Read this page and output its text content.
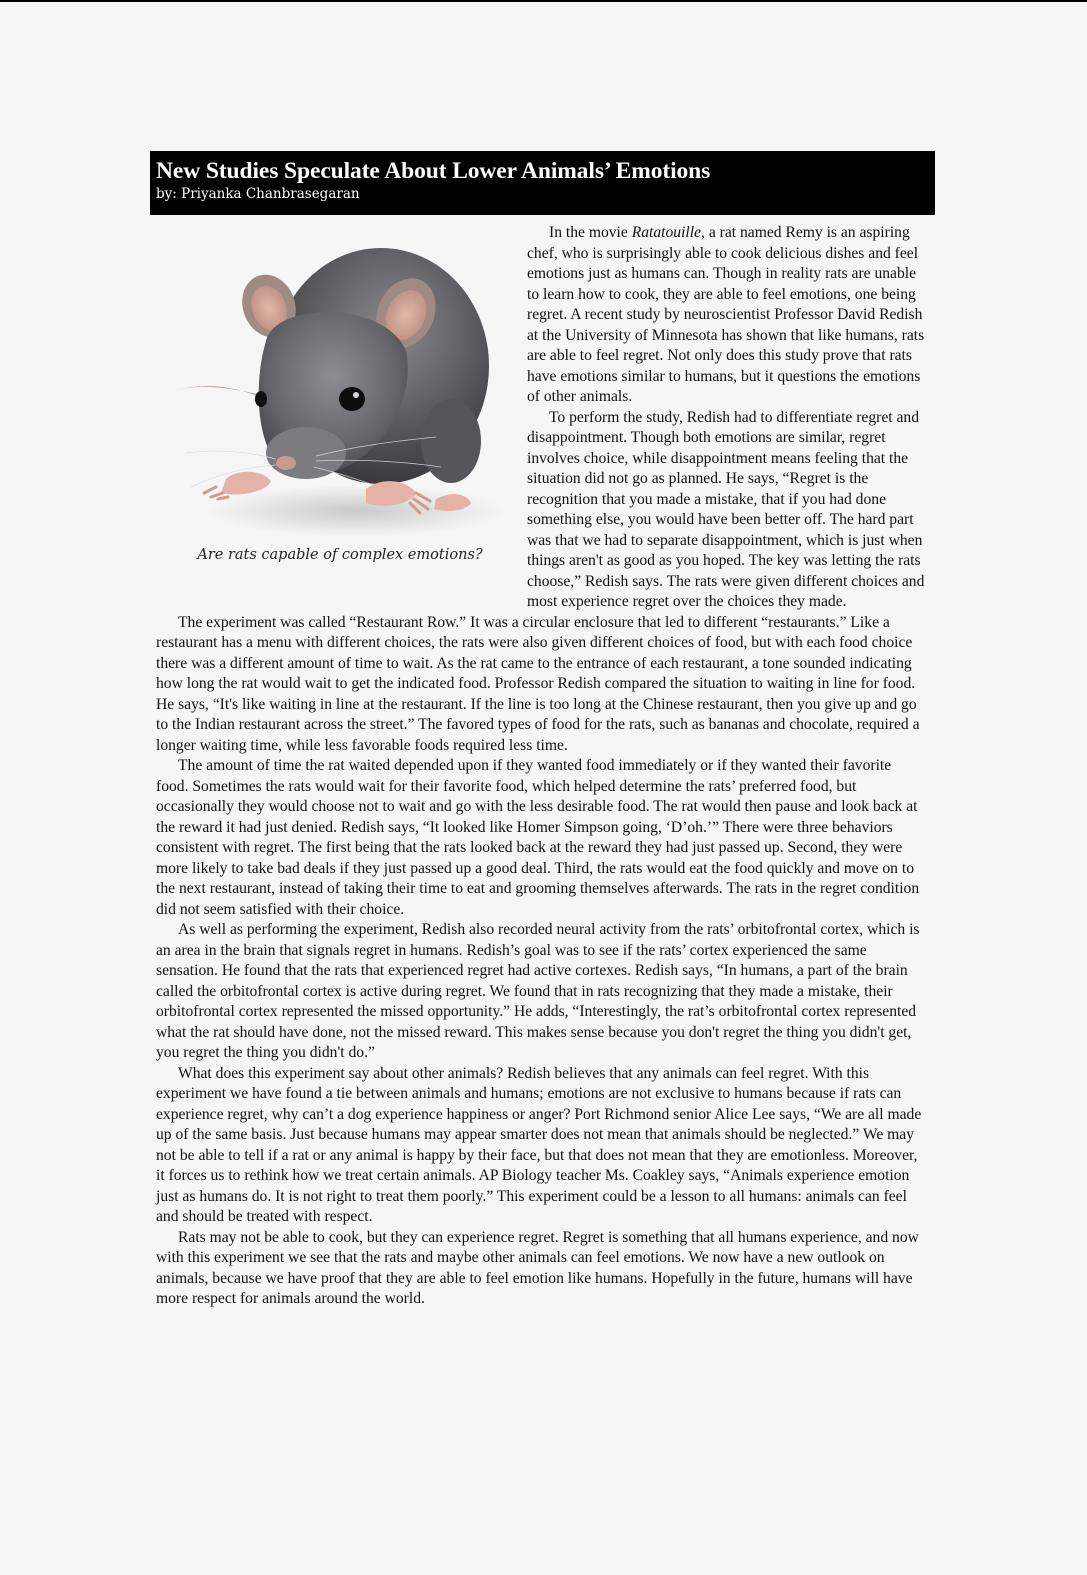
New Studies Speculate About Lower Animals’ Emotions

by: Priyanka Chanbrasegaran

Are rats capable of complex emotions?

In the movie Ratatouille, a rat named Remy is an aspiring chef, who is surprisingly able to cook delicious dishes and feel emotions just as humans can. Though in reality rats are unable to learn how to cook, they are able to feel emotions, one being regret. A recent study by neuroscientist Professor David Redish at the University of Minnesota has shown that like humans, rats are able to feel regret. Not only does this study prove that rats have emotions similar to humans, but it questions the emotions of other animals.

To perform the study, Redish had to differentiate regret and disappointment. Though both emotions are similar, regret involves choice, while disappointment means feeling that the situation did not go as planned. He says, “Regret is the recognition that you made a mistake, that if you had done something else, you would have been better off. The hard part was that we had to separate disappointment, which is just when things aren't as good as you hoped. The key was letting the rats choose,” Redish says. The rats were given different choices and most experience regret over the choices they made.

The experiment was called “Restaurant Row.” It was a circular enclosure that led to different “restaurants.” Like a restaurant has a menu with different choices, the rats were also given different choices of food, but with each food choice there was a different amount of time to wait. As the rat came to the entrance of each restaurant, a tone sounded indicating how long the rat would wait to get the indicated food. Professor Redish compared the situation to waiting in line for food. He says, “It's like waiting in line at the restaurant. If the line is too long at the Chinese restaurant, then you give up and go to the Indian restaurant across the street.” The favored types of food for the rats, such as bananas and chocolate, required a longer waiting time, while less favorable foods required less time.

The amount of time the rat waited depended upon if they wanted food immediately or if they wanted their favorite food. Sometimes the rats would wait for their favorite food, which helped determine the rats’ preferred food, but occasionally they would choose not to wait and go with the less desirable food. The rat would then pause and look back at the reward it had just denied. Redish says, “It looked like Homer Simpson going, ‘D’oh.’” There were three behaviors consistent with regret. The first being that the rats looked back at the reward they had just passed up. Second, they were more likely to take bad deals if they just passed up a good deal. Third, the rats would eat the food quickly and move on to the next restaurant, instead of taking their time to eat and grooming themselves afterwards. The rats in the regret condition did not seem satisfied with their choice.

As well as performing the experiment, Redish also recorded neural activity from the rats’ orbitofrontal cortex, which is an area in the brain that signals regret in humans. Redish’s goal was to see if the rats’ cortex experienced the same sensation. He found that the rats that experienced regret had active cortexes. Redish says, “In humans, a part of the brain called the orbitofrontal cortex is active during regret. We found that in rats recognizing that they made a mistake, their orbitofrontal cortex represented the missed opportunity.” He adds, “Interestingly, the rat’s orbitofrontal cortex represented what the rat should have done, not the missed reward. This makes sense because you don't regret the thing you didn't get, you regret the thing you didn't do.”

What does this experiment say about other animals? Redish believes that any animals can feel regret. With this experiment we have found a tie between animals and humans; emotions are not exclusive to humans because if rats can experience regret, why can’t a dog experience happiness or anger? Port Richmond senior Alice Lee says, “We are all made up of the same basis. Just because humans may appear smarter does not mean that animals should be neglected.” We may not be able to tell if a rat or any animal is happy by their face, but that does not mean that they are emotionless. Moreover, it forces us to rethink how we treat certain animals. AP Biology teacher Ms. Coakley says, “Animals experience emotion just as humans do. It is not right to treat them poorly.” This experiment could be a lesson to all humans: animals can feel and should be treated with respect.

Rats may not be able to cook, but they can experience regret. Regret is something that all humans experience, and now with this experiment we see that the rats and maybe other animals can feel emotions. We now have a new outlook on animals, because we have proof that they are able to feel emotion like humans. Hopefully in the future, humans will have more respect for animals around the world.
